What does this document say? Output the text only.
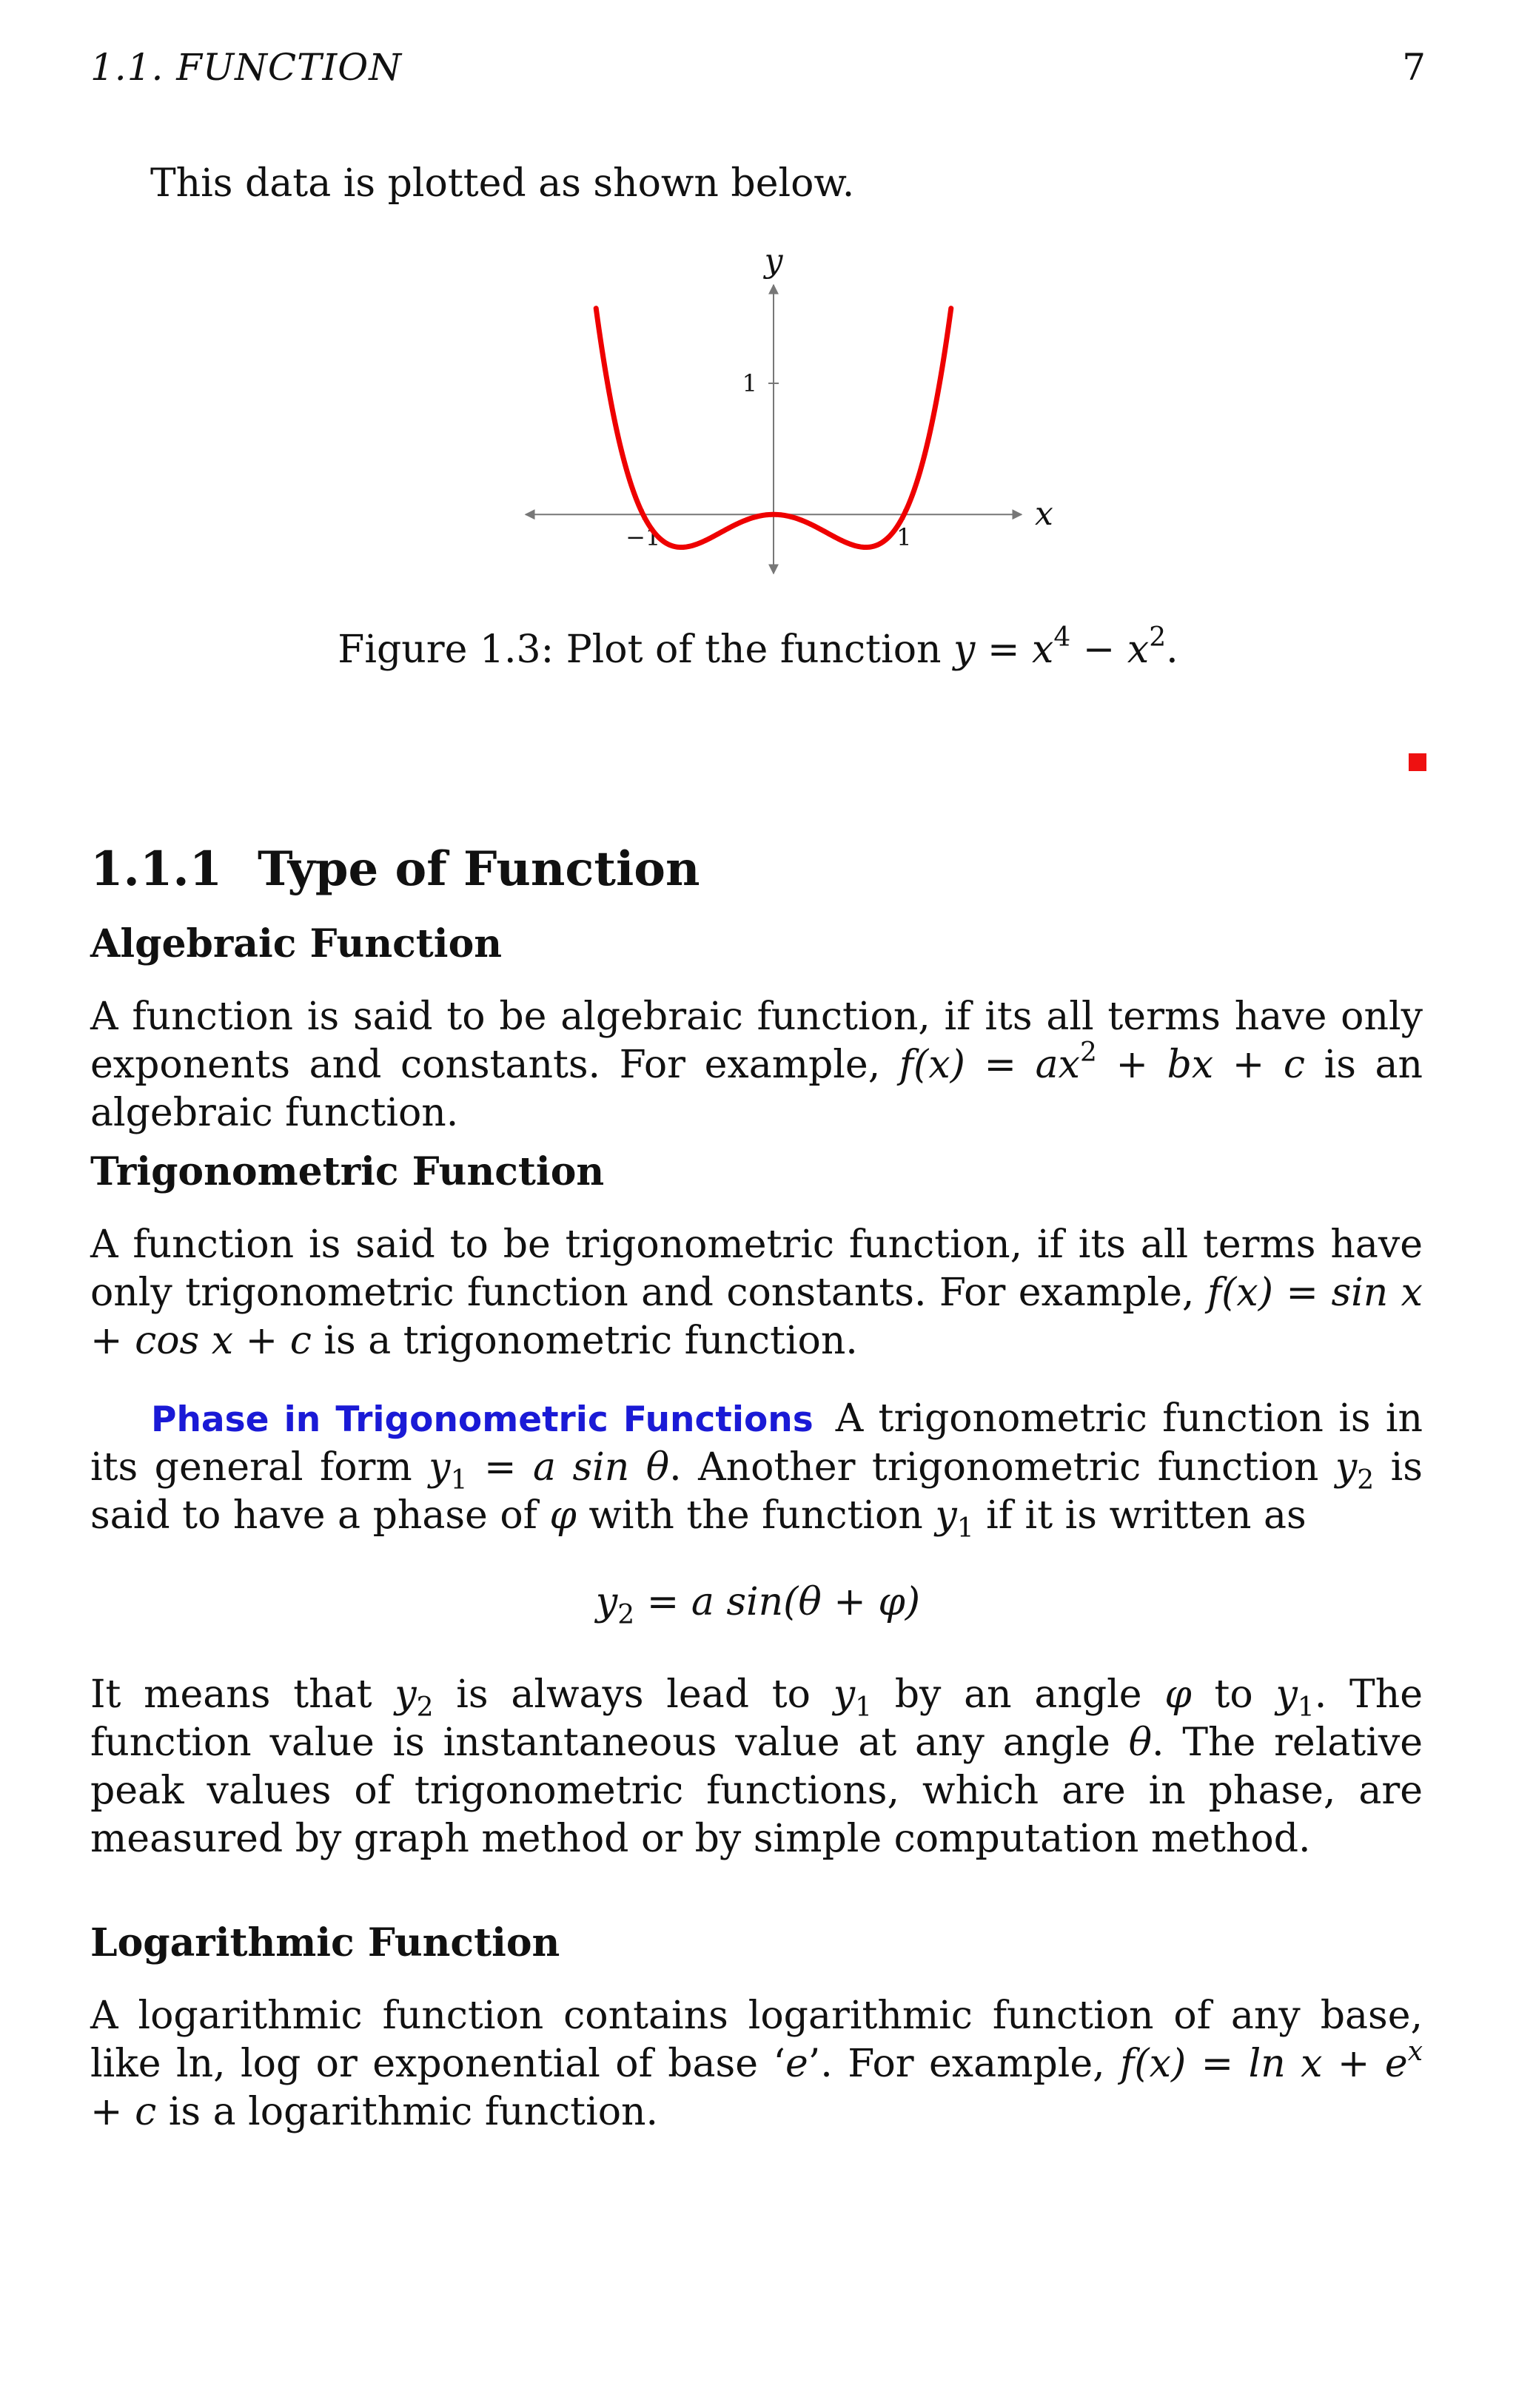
1.1. FUNCTION	7
This data is plotted as shown below.
−1	1
1
x
y
Figure 1.3: Plot of the function $y = x^4 - x^2$.
1.1.1 Type of Function
Algebraic Function
A function is said to be algebraic function, if its all terms have only exponents and constants. For example, $f(x) = ax^2$ + bx + c is an algebraic function.
Trigonometric Function
A function is said to be trigonometric function, if its all terms have only trigonometric function and constants. For example, f(x) = sin x + cos x + c is a trigonometric function.
Phase in Trigonometric Functions A trigonometric function is in its general form $y_1 = a$ sin θ. Another trigonometric function $y_2$ is said to have a phase of φ with the function $y_1$ if it is written as
$y_2 = a$ sin(θ + φ)
It means that $y_2$ is always lead to $y_1$ by an angle φ to $y_1$. The function value is instantaneous value at any angle θ. The relative peak values of trigonometric functions, which are in phase, are measured by graph method or by simple computation method.
Logarithmic Function
A logarithmic function contains logarithmic function of any base, like ln, log or exponential of base ‘e’. For example, $f(x) = \ln x + e^x + c$ is a logarithmic function.
